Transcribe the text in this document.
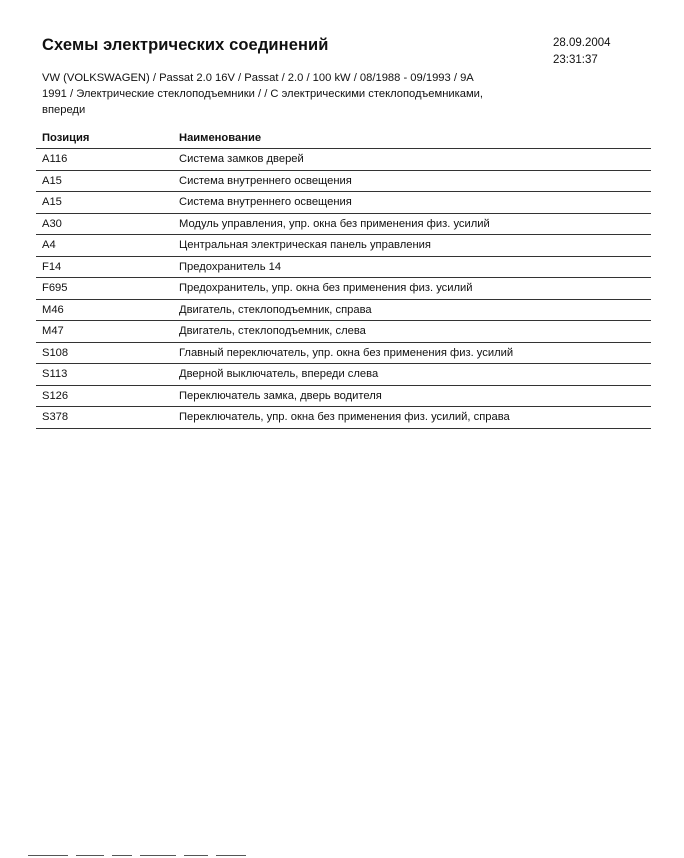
Схемы электрических соединений	28.09.2004
23:31:37
VW (VOLKSWAGEN) / Passat 2.0 16V / Passat / 2.0 / 100 kW / 08/1988 - 09/1993 / 9A
1991 / Электрические стеклоподъемники / / С электрическими стеклоподъемниками,
впереди
Позиция	Наименование
A116	Система замков дверей
A15	Система внутреннего освещения
A15	Система внутреннего освещения
A30	Модуль управления, упр. окна без применения физ. усилий
A4	Центральная электрическая панель управления
F14	Предохранитель 14
F695	Предохранитель, упр. окна без применения физ. усилий
M46	Двигатель, стеклоподъемник, справа
M47	Двигатель, стеклоподъемник, слева
S108	Главный переключатель, упр. окна без применения физ. усилий
S113	Дверной выключатель, впереди слева
S126	Переключатель замка, дверь водителя
S378	Переключатель, упр. окна без применения физ. усилий, справа
